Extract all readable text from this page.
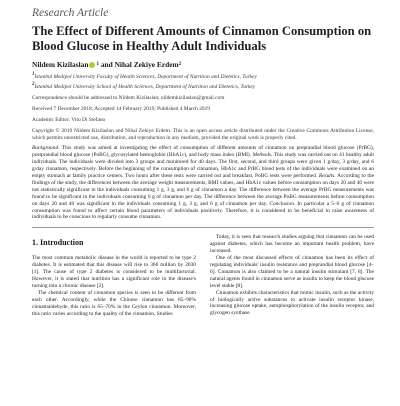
Research Article
The Effect of Different Amounts of Cinnamon Consumption on Blood Glucose in Healthy Adult Individuals
Nildem Kizilaslan 1 and Nihal Zekiye Erdem 2
1İstanbul Medipol University Faculty of Health Sciences, Department of Nutrition and Dietetics, Turkey
2İstanbul Medipol University School of Health Sciences, Department of Nutrition and Dietetics, Turkey
Correspondence should be addressed to Nildem Kizilaslan; nildemkizilaslan@gmail.com
Received 7 December 2018; Accepted 14 February 2019; Published 4 March 2019
Academic Editor: Vito Di Stefano
Copyright © 2019 Nildem Kizilaslan and Nihal Zekiye Erdem. This is an open access article distributed under the Creative Commons Attribution License, which permits unrestricted use, distribution, and reproduction in any medium, provided the original work is properly cited.
Background. This study was aimed at investigating the effect of consumption of different amounts of cinnamon on preprandial blood glucose (PrBG), postprandial blood glucose (PoBG), glycosylated hemoglobin (HbA1c), and body mass index (BMI). Methods. This study was carried out on 41 healthy adult individuals. The individuals were divided into 3 groups and monitored for 40 days. The first, second, and third groups were given 1 g/day, 3 g/day, and 6 g/day cinnamon, respectively. Before the beginning of the consumption of cinnamon, HbA1c and PrBG blood tests of the individuals were examined on an empty stomach at family practice centers. Two hours after these tests were carried out and breakfast, PoBG tests were performed. Results. According to the findings of the study, the differences between the average weight measurements, BMI values, and HbA1c values before consumption on days 20 and 40 were not statistically significant in the individuals consuming 1 g, 3 g, and 6 g of cinnamon a day. The difference between the average PrBG measurements was found to be significant in the individuals consuming 6 g of cinnamon per day. The difference between the average PoBG measurements before consumption on days 20 and 40 was significant in the individuals consuming 1 g, 3 g, and 6 g of cinnamon per day. Conclusion. In particular a 5–6 g of cinnamon consumption was found to affect certain blood parameters of individuals positively. Therefore, it is considered to be beneficial to raise awareness of individuals to be conscious to regularly consume cinnamon.
1. Introduction

The most common metabolic disease in the world is reported to be type 2 diabetes. It is estimated that this disease will rise to 366 million by 2030 [1]. The cause of type 2 diabetes is considered to be multifactorial. However, it is stated that nutrition has a significant role in the disease's turning into a chronic disease [2].

The chemical content of cinnamon species is seen to be different from each other. Accordingly, while the Chinese cinnamon has 85–90% cinnamaldehyde, this ratio is 65–70% in the Ceylon cinnamon. Moreover, this ratio varies according to the quality of the cinnamon. Studies

Today, it is seen that research studies arguing that cinnamon can be used against diabetes, which has become an important health problem, have increased.

One of the most discussed effects of cinnamon has been its effect of regulating individuals' insulin resistance and preprandial blood glucose [4–6]. Cinnamon is also claimed to be a natural insulin stimulant [7, 8]. The natural agents found in cinnamon serve as insulin to keep the blood glucose level stable [8].

Cinnamon exhibits characteristics that mimic insulin, such as the activity of biologically active substances to activate insulin receptor kinase, increasing glucose uptake, autophosphorylation of the insulin receptor, and glycogen synthase
